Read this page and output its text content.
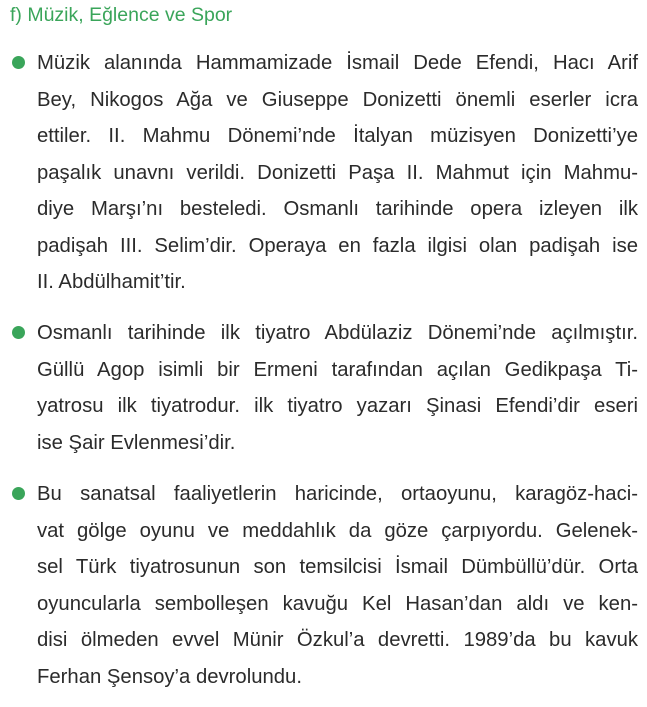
f) Müzik, Eğlence ve Spor
Müzik alanında Hammamizade İsmail Dede Efendi, Hacı Arif
Bey, Nikogos Ağa ve Giuseppe Donizetti önemli eserler icra
ettiler. II. Mahmu Dönemi’nde İtalyan müzisyen Donizetti’ye
paşalık unavnı verildi. Donizetti Paşa II. Mahmut için Mahmu-
diye Marşı’nı besteledi. Osmanlı tarihinde opera izleyen ilk
padişah III. Selim’dir. Operaya en fazla ilgisi olan padişah ise
II. Abdülhamit’tir.
Osmanlı tarihinde ilk tiyatro Abdülaziz Dönemi’nde açılmıştır.
Güllü Agop isimli bir Ermeni tarafından açılan Gedikpaşa Ti-
yatrosu ilk tiyatrodur. ilk tiyatro yazarı Şinasi Efendi’dir eseri
ise Şair Evlenmesi’dir.
Bu sanatsal faaliyetlerin haricinde, ortaoyunu, karagöz-haci-
vat gölge oyunu ve meddahlık da göze çarpıyordu. Gelenek-
sel Türk tiyatrosunun son temsilcisi İsmail Dümbüllü’dür. Orta
oyuncularla sembolleşen kavuğu Kel Hasan’dan aldı ve ken-
disi ölmeden evvel Münir Özkul’a devretti. 1989’da bu kavuk
Ferhan Şensoy’a devrolundu.
